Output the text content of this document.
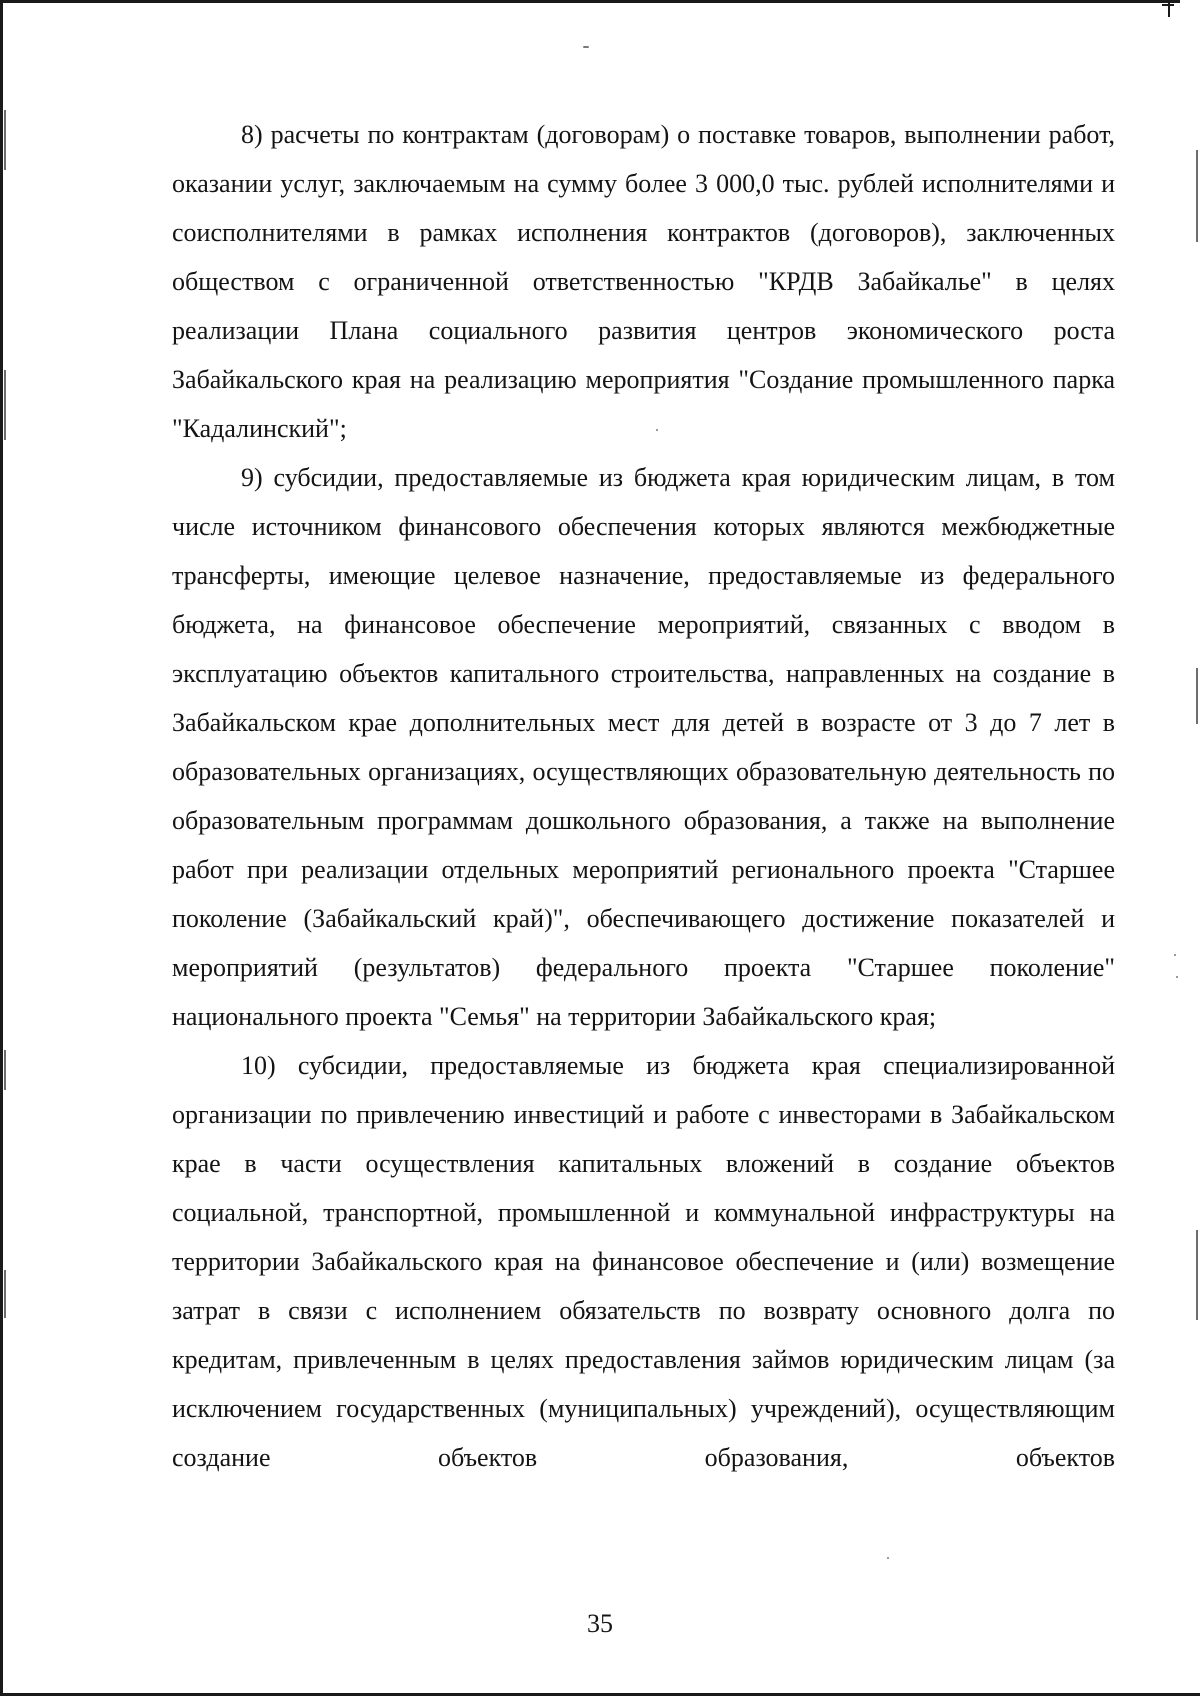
8) расчеты по контрактам (договорам) о поставке товаров, выполнении работ, оказании услуг, заключаемым на сумму более 3 000,0 тыс. рублей исполнителями и соисполнителями в рамках исполнения контрактов (договоров), заключенных обществом с ограниченной ответственностью "КРДВ Забайкалье" в целях реализации Плана социального развития центров экономического роста Забайкальского края на реализацию мероприятия "Создание промышленного парка "Кадалинский";

9) субсидии, предоставляемые из бюджета края юридическим лицам, в том числе источником финансового обеспечения которых являются межбюджетные трансферты, имеющие целевое назначение, предоставляемые из федерального бюджета, на финансовое обеспечение мероприятий, связанных с вводом в эксплуатацию объектов капитального строительства, направленных на создание в Забайкальском крае дополнительных мест для детей в возрасте от 3 до 7 лет в образовательных организациях, осуществляющих образовательную деятельность по образовательным программам дошкольного образования, а также на выполнение работ при реализации отдельных мероприятий регионального проекта "Старшее поколение (Забайкальский край)", обеспечивающего достижение показателей и мероприятий (результатов) федерального проекта "Старшее поколение" национального проекта "Семья" на территории Забайкальского края;

10) субсидии, предоставляемые из бюджета края специализированной организации по привлечению инвестиций и работе с инвесторами в Забайкальском крае в части осуществления капитальных вложений в создание объектов социальной, транспортной, промышленной и коммунальной инфраструктуры на территории Забайкальского края на финансовое обеспечение и (или) возмещение затрат в связи с исполнением обязательств по возврату основного долга по кредитам, привлеченным в целях предоставления займов юридическим лицам (за исключением государственных (муниципальных) учреждений), осуществляющим создание объектов образования, объектов

35
